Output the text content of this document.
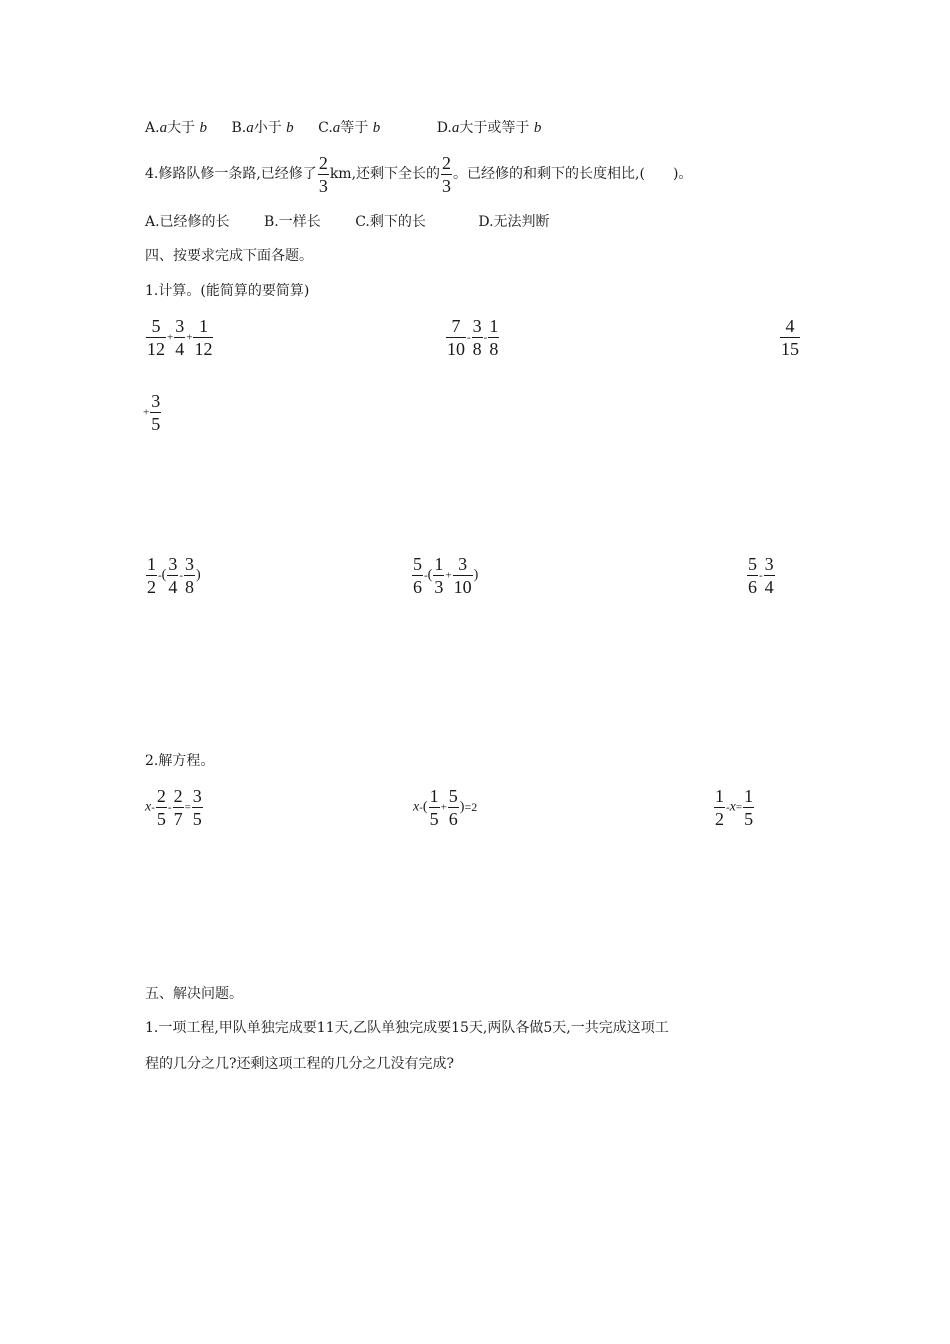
A.a大于 b B.a小于 b C.a等于 b	D.a大于或等于 b
4.修路队修一条路,已经修了 $\frac{2}{3}$ km,还剩下全长的 $\frac{2}{3}$ 。已经修的和剩下的长度相比,(　　)。
A.已经修的长 B.一样长 C.剩下的长	D.无法判断
四、按要求完成下面各题。
1.计算。(能简算的要简算)
$\frac{5}{12} + \frac{3}{4} + \frac{1}{12}$	$\frac{7}{10} - \frac{3}{8} - \frac{1}{8}$	$\frac{4}{15}$
+ $\frac{3}{5}$
$\frac{1}{2}$ -( $\frac{3}{4} - \frac{3}{8}$ )	$\frac{5}{6}$ -( $\frac{1}{3} + \frac{3}{10}$ )	$\frac{5}{6} - \frac{3}{4}$
2.解方程。
$x- \frac{2}{5} - \frac{2}{7} = \frac{3}{5}$	$x-( \frac{1}{5} + \frac{5}{6} )=2$	$\frac{1}{2} -x= \frac{1}{5}$
五、解决问题。
1.一项工程,甲队单独完成要11天,乙队单独完成要15天,两队各做5天,一共完成这项工
程的几分之几?还剩这项工程的几分之几没有完成?
